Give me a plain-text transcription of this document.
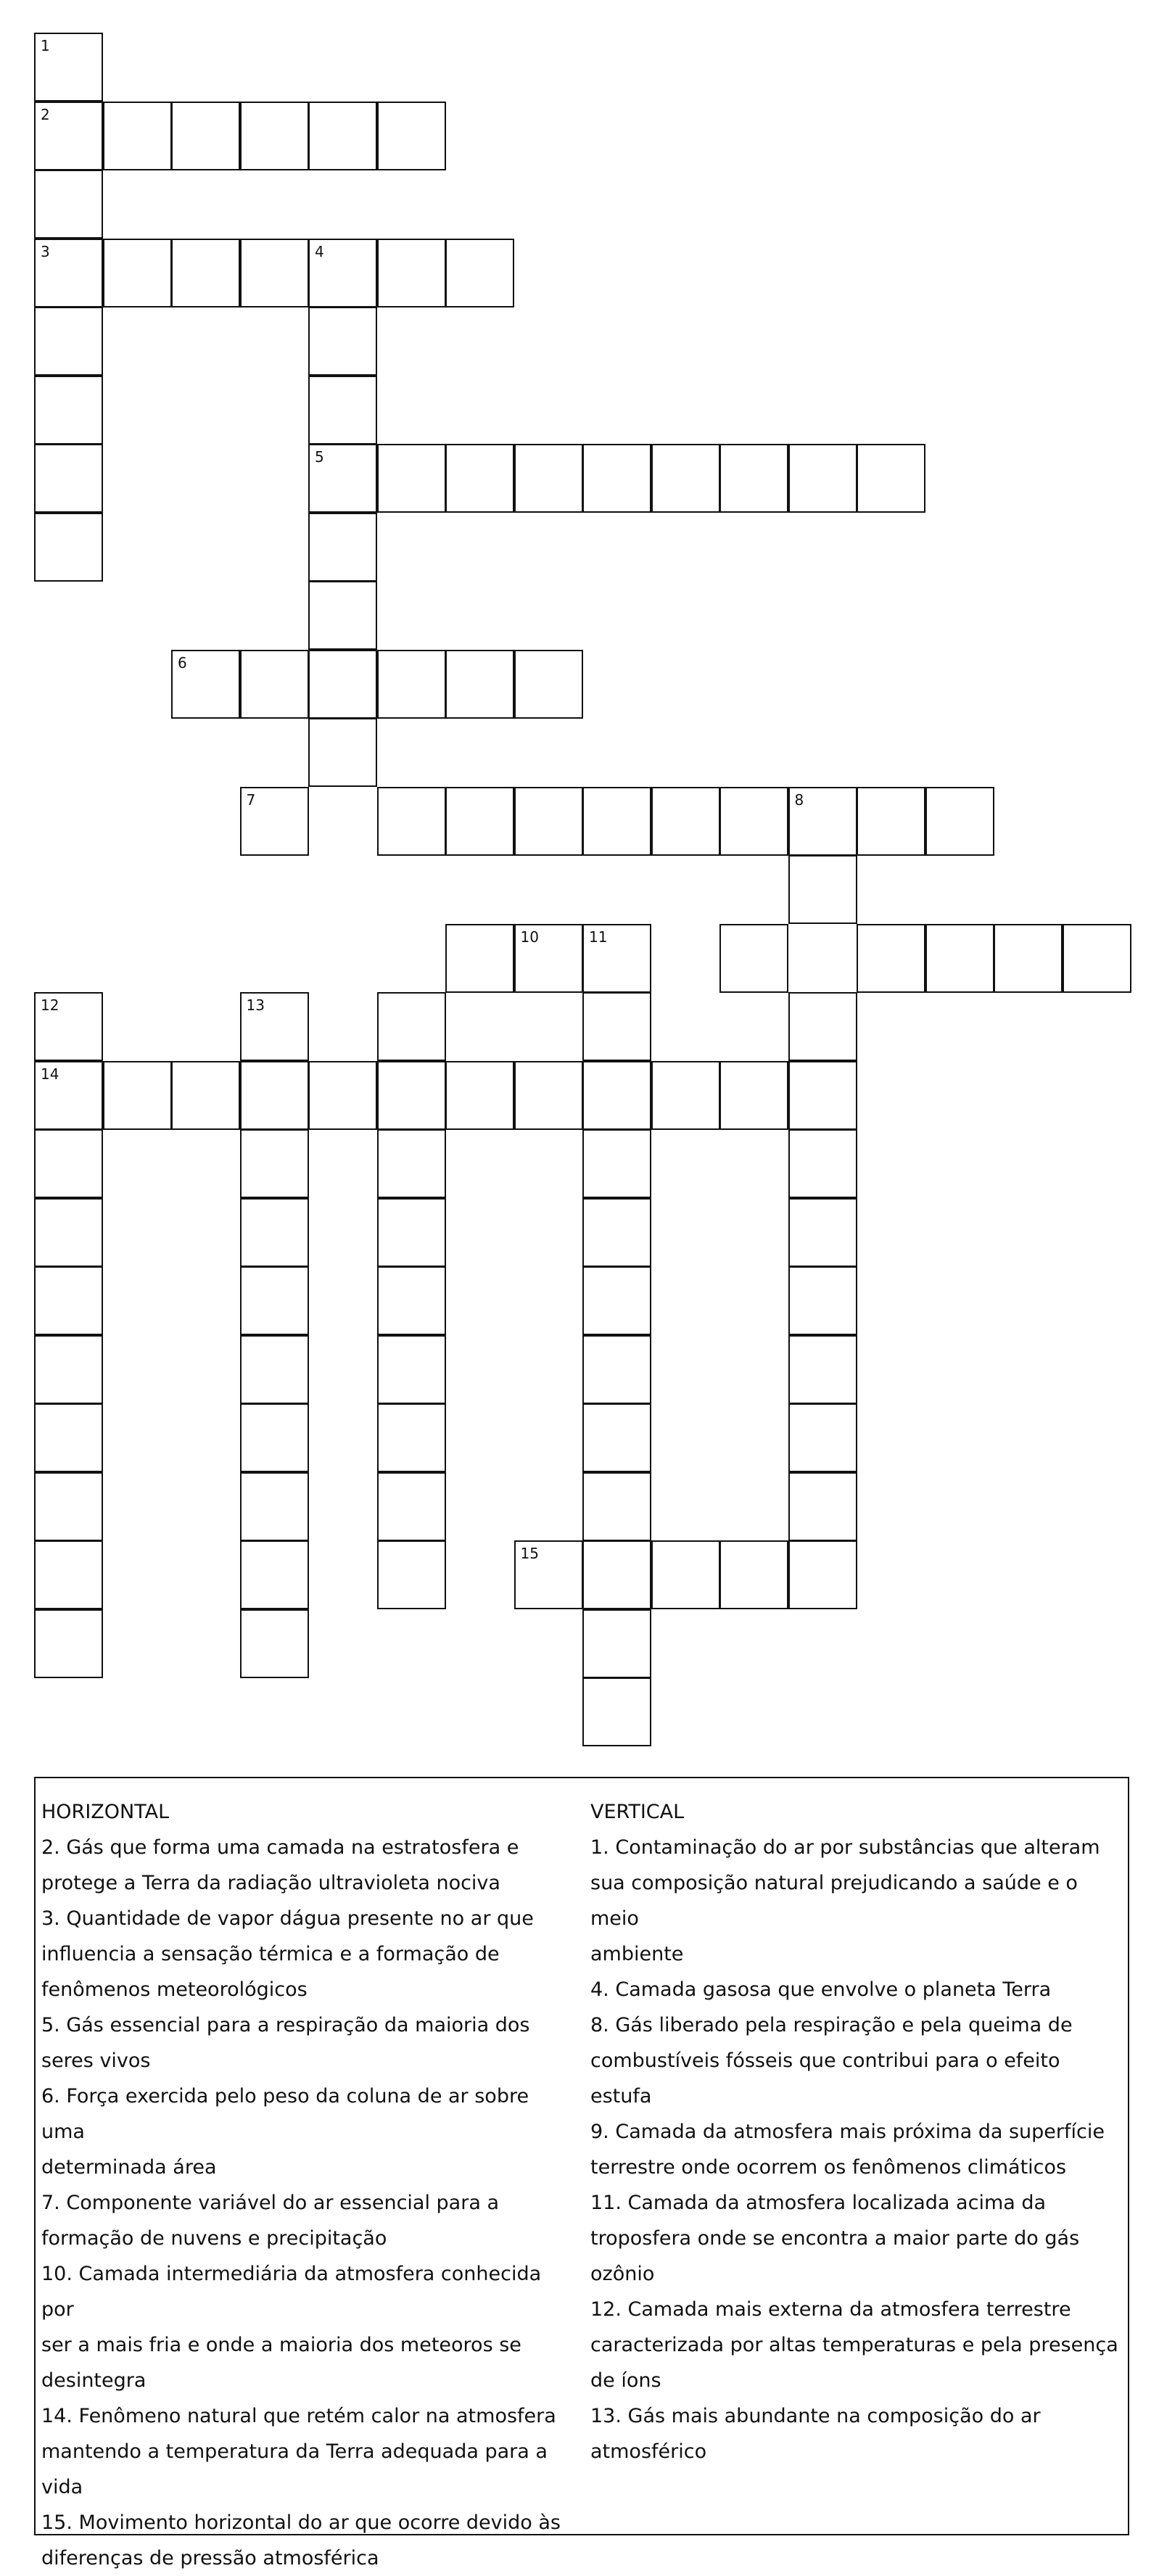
2
1
3	4
5
6
7	8
10	11
12	13
14
15

HORIZONTAL

2. Gás que forma uma camada na estratosfera e

protege a Terra da radiação ultravioleta nociva

3. Quantidade de vapor dágua presente no ar que

influencia a sensação térmica e a formação de

fenômenos meteorológicos

5. Gás essencial para a respiração da maioria dos

seres vivos

6. Força exercida pelo peso da coluna de ar sobre uma

determinada área

7. Componente variável do ar essencial para a

formação de nuvens e precipitação

10. Camada intermediária da atmosfera conhecida por

ser a mais fria e onde a maioria dos meteoros se

desintegra

14. Fenômeno natural que retém calor na atmosfera

mantendo a temperatura da Terra adequada para a

vida

15. Movimento horizontal do ar que ocorre devido às

diferenças de pressão atmosférica

VERTICAL

1. Contaminação do ar por substâncias que alteram

sua composição natural prejudicando a saúde e o meio

ambiente

4. Camada gasosa que envolve o planeta Terra

8. Gás liberado pela respiração e pela queima de

combustíveis fósseis que contribui para o efeito estufa

9. Camada da atmosfera mais próxima da superfície

terrestre onde ocorrem os fenômenos climáticos

11. Camada da atmosfera localizada acima da

troposfera onde se encontra a maior parte do gás

ozônio

12. Camada mais externa da atmosfera terrestre

caracterizada por altas temperaturas e pela presença

de íons

13. Gás mais abundante na composição do ar

atmosférico
